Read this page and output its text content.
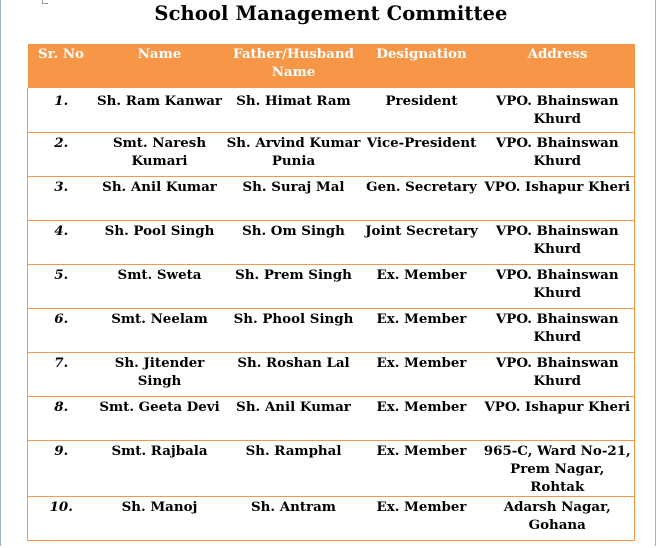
School Management Committee
Sr. No	Name	Father/Husband Name	Designation	Address
1.	Sh. Ram Kanwar	Sh. Himat Ram	President	VPO. Bhainswan Khurd
2.	Smt. Naresh Kumari	Sh. Arvind Kumar Punia	Vice-President	VPO. Bhainswan Khurd
3.	Sh. Anil Kumar	Sh. Suraj Mal	Gen. Secretary	VPO. Ishapur Kheri
4.	Sh. Pool Singh	Sh. Om Singh	Joint Secretary	VPO. Bhainswan Khurd
5.	Smt. Sweta	Sh. Prem Singh	Ex. Member	VPO. Bhainswan Khurd
6.	Smt. Neelam	Sh. Phool Singh	Ex. Member	VPO. Bhainswan Khurd
7.	Sh. Jitender Singh	Sh. Roshan Lal	Ex. Member	VPO. Bhainswan Khurd
8.	Smt. Geeta Devi	Sh. Anil Kumar	Ex. Member	VPO. Ishapur Kheri
9.	Smt. Rajbala	Sh. Ramphal	Ex. Member	965-C, Ward No-21, Prem Nagar, Rohtak
10.	Sh. Manoj	Sh. Antram	Ex. Member	Adarsh Nagar, Gohana
